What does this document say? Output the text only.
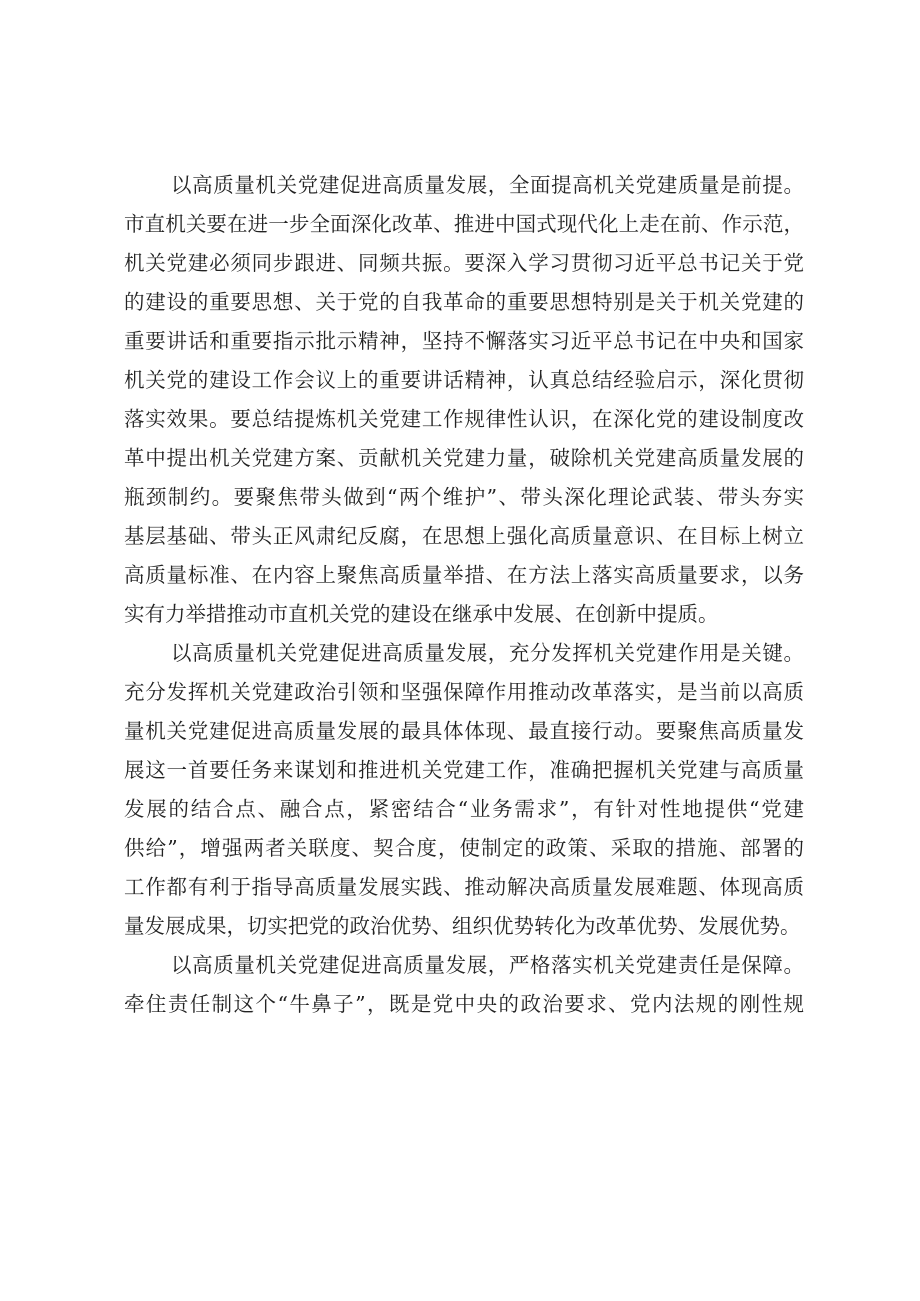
以高质量机关党建促进高质量发展，全面提高机关党建质量是前提。
市直机关要在进一步全面深化改革、推进中国式现代化上走在前、作示范，
机关党建必须同步跟进、同频共振。要深入学习贯彻习近平总书记关于党
的建设的重要思想、关于党的自我革命的重要思想特别是关于机关党建的
重要讲话和重要指示批示精神，坚持不懈落实习近平总书记在中央和国家
机关党的建设工作会议上的重要讲话精神，认真总结经验启示，深化贯彻
落实效果。要总结提炼机关党建工作规律性认识，在深化党的建设制度改
革中提出机关党建方案、贡献机关党建力量，破除机关党建高质量发展的
瓶颈制约。要聚焦带头做到“两个维护”、带头深化理论武装、带头夯实
基层基础、带头正风肃纪反腐，在思想上强化高质量意识、在目标上树立
高质量标准、在内容上聚焦高质量举措、在方法上落实高质量要求，以务
实有力举措推动市直机关党的建设在继承中发展、在创新中提质。
以高质量机关党建促进高质量发展，充分发挥机关党建作用是关键。
充分发挥机关党建政治引领和坚强保障作用推动改革落实，是当前以高质
量机关党建促进高质量发展的最具体体现、最直接行动。要聚焦高质量发
展这一首要任务来谋划和推进机关党建工作，准确把握机关党建与高质量
发展的结合点、融合点，紧密结合“业务需求”，有针对性地提供“党建
供给”，增强两者关联度、契合度，使制定的政策、采取的措施、部署的
工作都有利于指导高质量发展实践、推动解决高质量发展难题、体现高质
量发展成果，切实把党的政治优势、组织优势转化为改革优势、发展优势。
以高质量机关党建促进高质量发展，严格落实机关党建责任是保障。
牵住责任制这个“牛鼻子”，既是党中央的政治要求、党内法规的刚性规
